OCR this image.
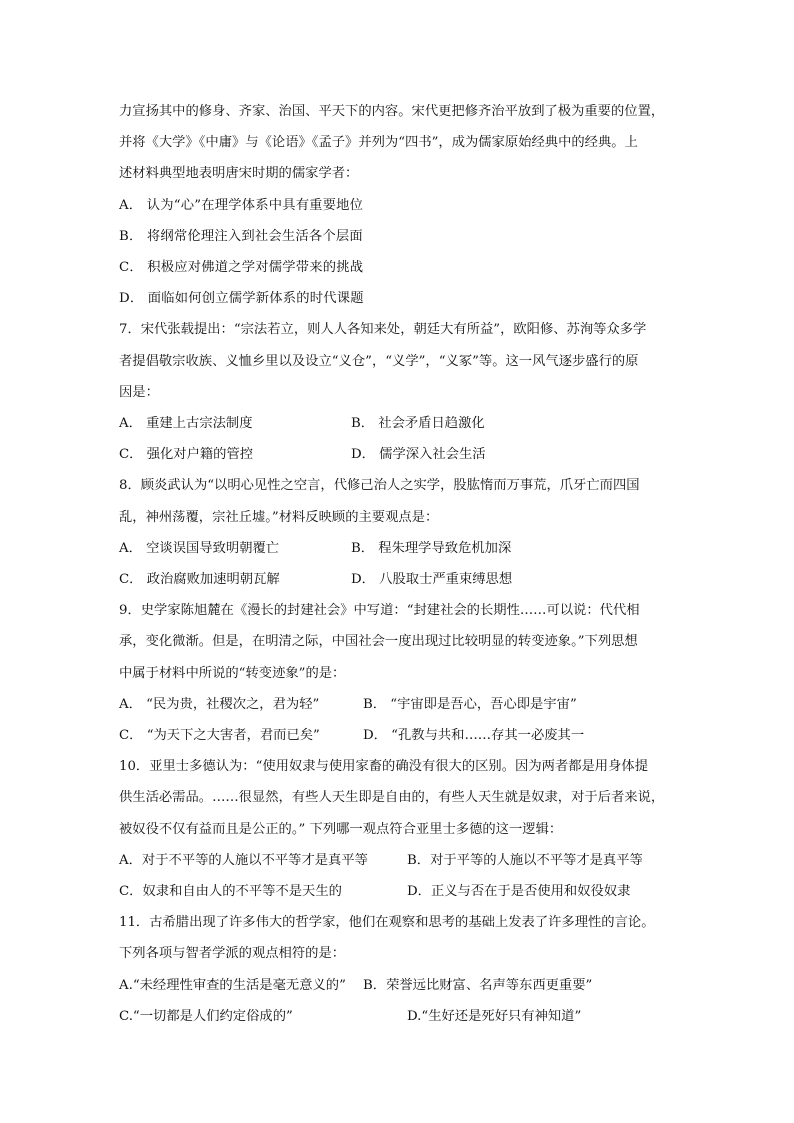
力宣扬其中的修身、齐家、治国、平天下的内容。宋代更把修齐治平放到了极为重要的位置，
并将《大学》《中庸》与《论语》《孟子》并列为“四书”，成为儒家原始经典中的经典。上
述材料典型地表明唐宋时期的儒家学者：

A． 认为“心”在理学体系中具有重要地位

B． 将纲常伦理注入到社会生活各个层面

C． 积极应对佛道之学对儒学带来的挑战

D． 面临如何创立儒学新体系的时代课题

7．宋代张载提出：“宗法若立，则人人各知来处，朝廷大有所益”，欧阳修、苏洵等众多学
者提倡敬宗收族、义恤乡里以及设立“义仓”，“义学”，“义冢”等。这一风气逐步盛行的原
因是：
A． 重建上古宗法制度	B． 社会矛盾日趋激化
C． 强化对户籍的管控	D． 儒学深入社会生活
8．顾炎武认为“以明心见性之空言，代修己治人之实学，股肱惰而万事荒，爪牙亡而四国
乱，神州荡覆，宗社丘墟。”材料反映顾的主要观点是：
A． 空谈误国导致明朝覆亡	B． 程朱理学导致危机加深
C． 政治腐败加速明朝瓦解	D． 八股取士严重束缚思想
9．史学家陈旭麓在《漫长的封建社会》中写道：“封建社会的长期性……可以说：代代相
承，变化微渐。但是，在明清之际，中国社会一度出现过比较明显的转变迹象。”下列思想
中属于材料中所说的“转变迹象”的是：
A． “民为贵，社稷次之，君为轻”	B． “宇宙即是吾心，吾心即是宇宙”
C． “为天下之大害者，君而已矣”	D． “孔教与共和……存其一必废其一
10．亚里士多德认为：“使用奴隶与使用家畜的确没有很大的区别。因为两者都是用身体提
供生活必需品。……很显然，有些人天生即是自由的，有些人天生就是奴隶，对于后者来说，
被奴役不仅有益而且是公正的。” 下列哪一观点符合亚里士多德的这一逻辑：
A．对于不平等的人施以不平等才是真平等	B．对于平等的人施以不平等才是真平等
C．奴隶和自由人的不平等不是天生的	D．正义与否在于是否使用和奴役奴隶
11．古希腊出现了许多伟大的哲学家，他们在观察和思考的基础上发表了许多理性的言论。
下列各项与智者学派的观点相符的是：
A.“未经理性审查的生活是毫无意义的”	B．荣誉远比财富、名声等东西更重要”
C.“一切都是人们约定俗成的”	D.“生好还是死好只有神知道”
